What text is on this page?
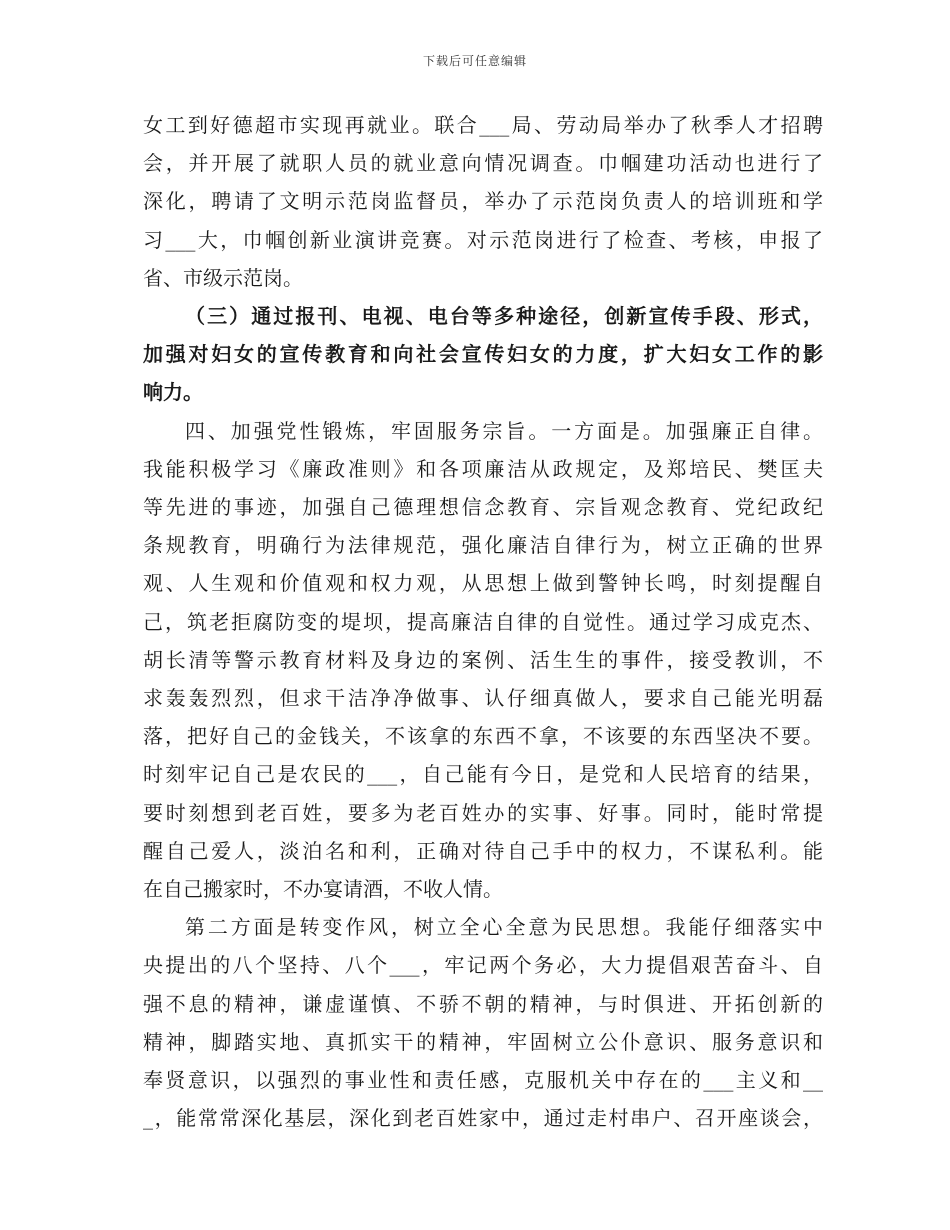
下载后可任意编辑

女工到好德超市实现再就业。联合___局、劳动局举办了秋季人才招聘
会，并开展了就职人员的就业意向情况调查。巾帼建功活动也进行了
深化，聘请了文明示范岗监督员，举办了示范岗负责人的培训班和学
习___大，巾帼创新业演讲竞赛。对示范岗进行了检查、考核，申报了
省、市级示范岗。

（三）通过报刊、电视、电台等多种途径，创新宣传手段、形式，
加强对妇女的宣传教育和向社会宣传妇女的力度，扩大妇女工作的影
响力。

四、加强党性锻炼，牢固服务宗旨。一方面是。加强廉正自律。
我能积极学习《廉政准则》和各项廉洁从政规定，及郑培民、樊匡夫
等先进的事迹，加强自己德理想信念教育、宗旨观念教育、党纪政纪
条规教育，明确行为法律规范，强化廉洁自律行为，树立正确的世界
观、人生观和价值观和权力观，从思想上做到警钟长鸣，时刻提醒自
己，筑老拒腐防变的堤坝，提高廉洁自律的自觉性。通过学习成克杰、
胡长清等警示教育材料及身边的案例、活生生的事件，接受教训，不
求轰轰烈烈，但求干洁净净做事、认仔细真做人，要求自己能光明磊
落，把好自己的金钱关，不该拿的东西不拿，不该要的东西坚决不要。
时刻牢记自己是农民的___，自己能有今日，是党和人民培育的结果，
要时刻想到老百姓，要多为老百姓办的实事、好事。同时，能时常提
醒自己爱人，淡泊名和利，正确对待自己手中的权力，不谋私利。能
在自己搬家时，不办宴请酒，不收人情。

第二方面是转变作风，树立全心全意为民思想。我能仔细落实中
央提出的八个坚持、八个___，牢记两个务必，大力提倡艰苦奋斗、自
强不息的精神，谦虚谨慎、不骄不朝的精神，与时俱进、开拓创新的
精神，脚踏实地、真抓实干的精神，牢固树立公仆意识、服务意识和
奉贤意识，以强烈的事业性和责任感，克服机关中存在的___主义和__
_，能常常深化基层，深化到老百姓家中，通过走村串户、召开座谈会，
